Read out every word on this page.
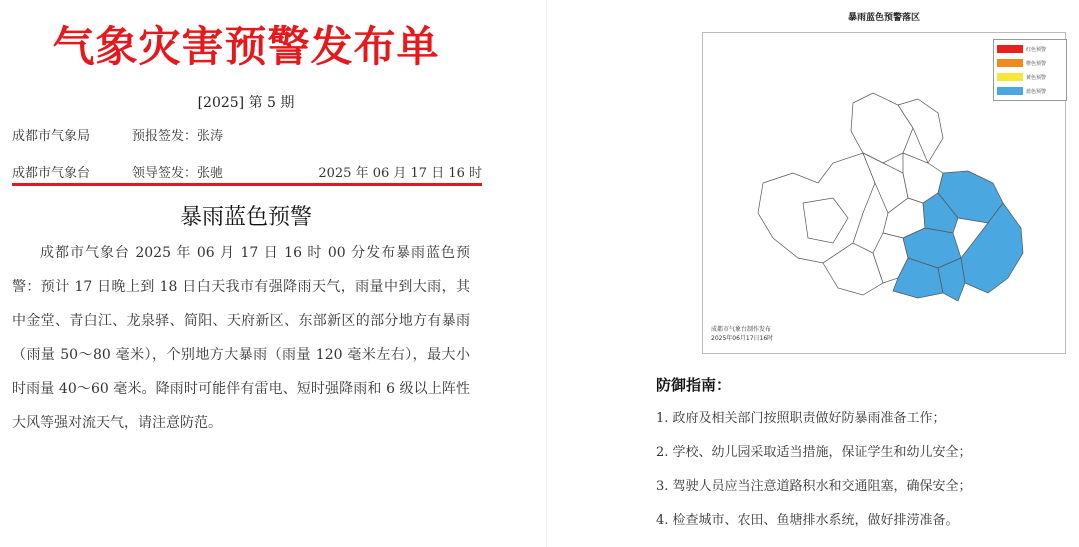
气象灾害预警发布单
[2025] 第 5 期
成都市气象局	预报签发：张涛
成都市气象台	领导签发：张驰	2025 年 06 月 17 日 16 时
暴雨蓝色预警
成都市气象台 2025 年 06 月 17 日 16 时 00 分发布暴雨蓝色预警：预计 17 日晚上到 18 日白天我市有强降雨天气，雨量中到大雨，其中金堂、青白江、龙泉驿、简阳、天府新区、东部新区的部分地方有暴雨（雨量 50～80 毫米），个别地方大暴雨（雨量 120 毫米左右），最大小时雨量 40～60 毫米。降雨时可能伴有雷电、短时强降雨和 6 级以上阵性大风等强对流天气，请注意防范。
暴雨蓝色预警落区
红色预警
橙色预警
黄色预警
蓝色预警
成都市气象台制作发布
2025年06月17日16时
防御指南：
1. 政府及相关部门按照职责做好防暴雨准备工作；
2. 学校、幼儿园采取适当措施，保证学生和幼儿安全；
3. 驾驶人员应当注意道路积水和交通阻塞，确保安全；
4. 检查城市、农田、鱼塘排水系统，做好排涝准备。
